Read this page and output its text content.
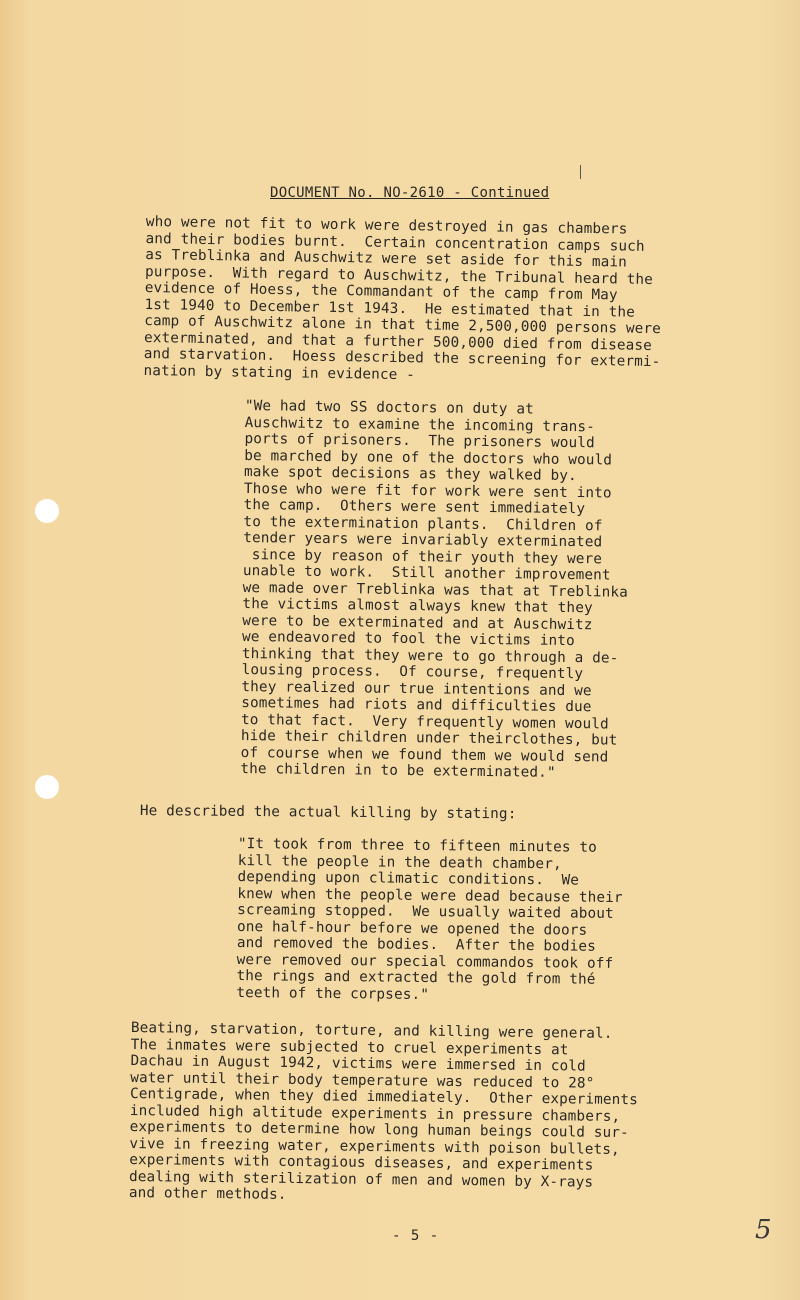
DOCUMENT No. NO-2610 - Continued
who were not fit to work were destroyed in gas chambers
and their bodies burnt.  Certain concentration camps such
as Treblinka and Auschwitz were set aside for this main
purpose.  With regard to Auschwitz, the Tribunal heard the
evidence of Hoess, the Commandant of the camp from May
1st 1940 to December 1st 1943.  He estimated that in the
camp of Auschwitz alone in that time 2,500,000 persons were
exterminated, and that a further 500,000 died from disease
and starvation.  Hoess described the screening for extermi-
nation by stating in evidence -
"We had two SS doctors on duty at
Auschwitz to examine the incoming trans-
ports of prisoners.  The prisoners would
be marched by one of the doctors who would
make spot decisions as they walked by.
Those who were fit for work were sent into
the camp.  Others were sent immediately
to the extermination plants.  Children of
tender years were invariably exterminated
since by reason of their youth they were
unable to work.  Still another improvement
we made over Treblinka was that at Treblinka
the victims almost always knew that they
were to be exterminated and at Auschwitz
we endeavored to fool the victims into
thinking that they were to go through a de-
lousing process.  Of course, frequently
they realized our true intentions and we
sometimes had riots and difficulties due
to that fact.  Very frequently women would
hide their children under theirclothes, but
of course when we found them we would send
the children in to be exterminated."
He described the actual killing by stating:
"It took from three to fifteen minutes to
kill the people in the death chamber,
depending upon climatic conditions.  We
knew when the people were dead because their
screaming stopped.  We usually waited about
one half-hour before we opened the doors
and removed the bodies.  After the bodies
were removed our special commandos took off
the rings and extracted the gold from thé
teeth of the corpses."
Beating, starvation, torture, and killing were general.
The inmates were subjected to cruel experiments at
Dachau in August 1942, victims were immersed in cold
water until their body temperature was reduced to 28°
Centigrade, when they died immediately.  Other experiments
included high altitude experiments in pressure chambers,
experiments to determine how long human beings could sur-
vive in freezing water, experiments with poison bullets,
experiments with contagious diseases, and experiments
dealing with sterilization of men and women by X-rays
and other methods.
- 5 -	5
